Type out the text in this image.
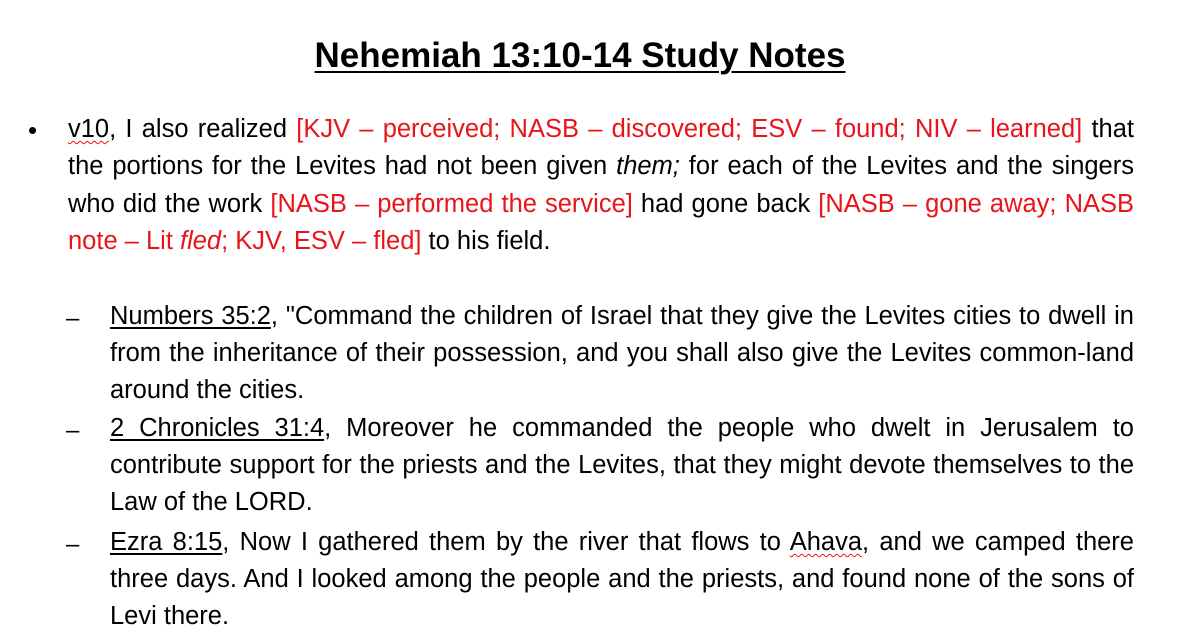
Nehemiah 13:10-14 Study Notes
• v10, I also realized [KJV – perceived; NASB – discovered; ESV – found; NIV – learned] that the portions for the Levites had not been given them; for each of the Levites and the singers who did the work [NASB – performed the service] had gone back [NASB – gone away; NASB note – Lit fled; KJV, ESV – fled] to his field.
– Numbers 35:2, "Command the children of Israel that they give the Levites cities to dwell in from the inheritance of their possession, and you shall also give the Levites common-land around the cities.
– 2 Chronicles 31:4, Moreover he commanded the people who dwelt in Jerusalem to contribute support for the priests and the Levites, that they might devote themselves to the Law of the LORD.
– Ezra 8:15, Now I gathered them by the river that flows to Ahava, and we camped there three days. And I looked among the people and the priests, and found none of the sons of Levi there.
